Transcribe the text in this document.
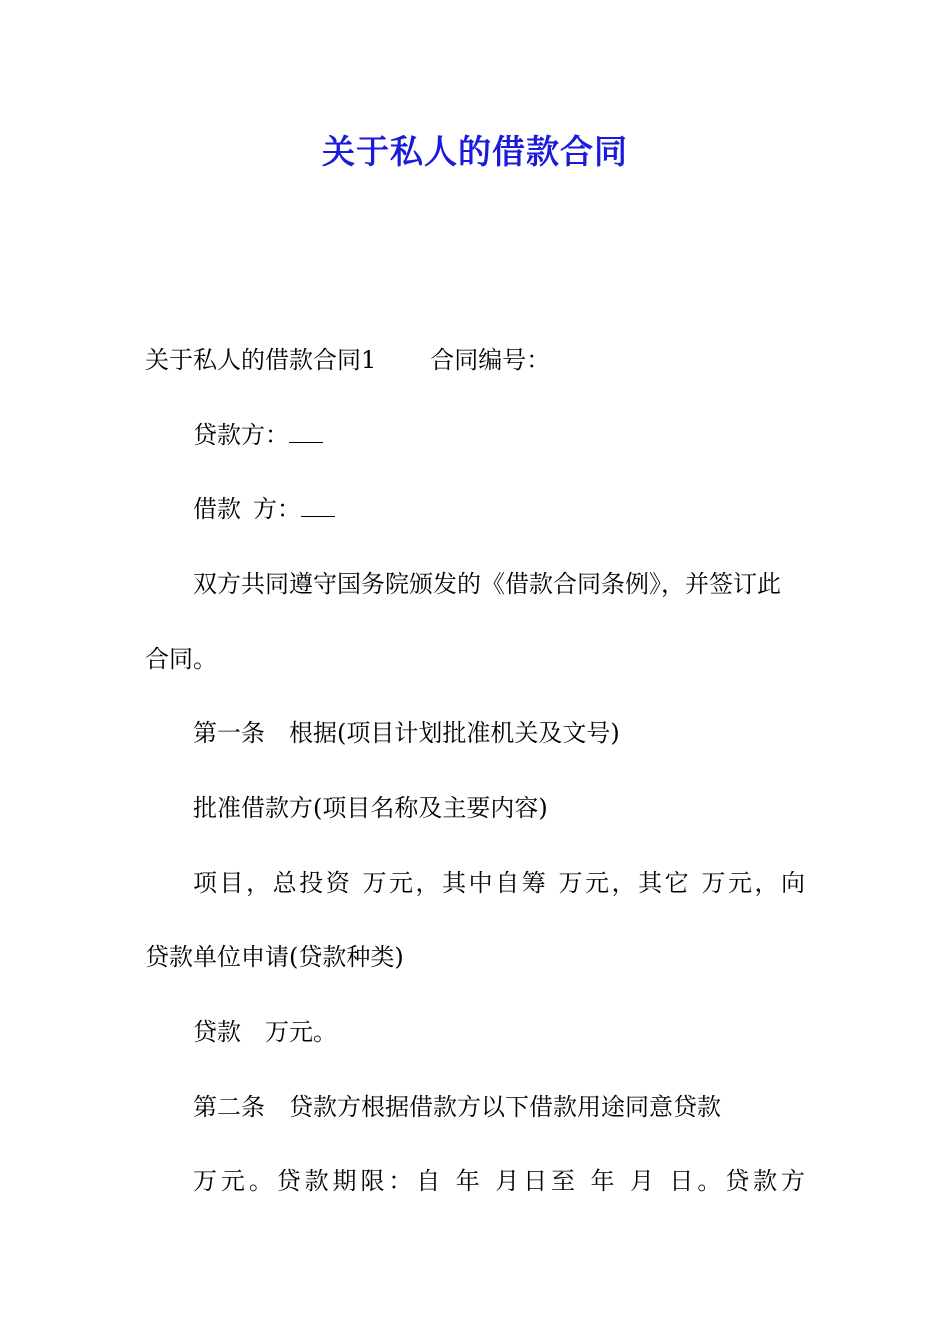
关于私人的借款合同
关于私人的借款合同1 合同编号：
贷款方：
借款 方：
双方共同遵守国务院颁发的《借款合同条例》，并签订此
合同。
第一条 根据(项目计划批准机关及文号)
批准借款方(项目名称及主要内容)
项目，总投资 万元，其中自筹 万元，其它 万元，向
贷款单位申请(贷款种类)
贷款 万元。
第二条 贷款方根据借款方以下借款用途同意贷款
万元。贷款期限：自 年 月日至 年 月 日。贷款方
